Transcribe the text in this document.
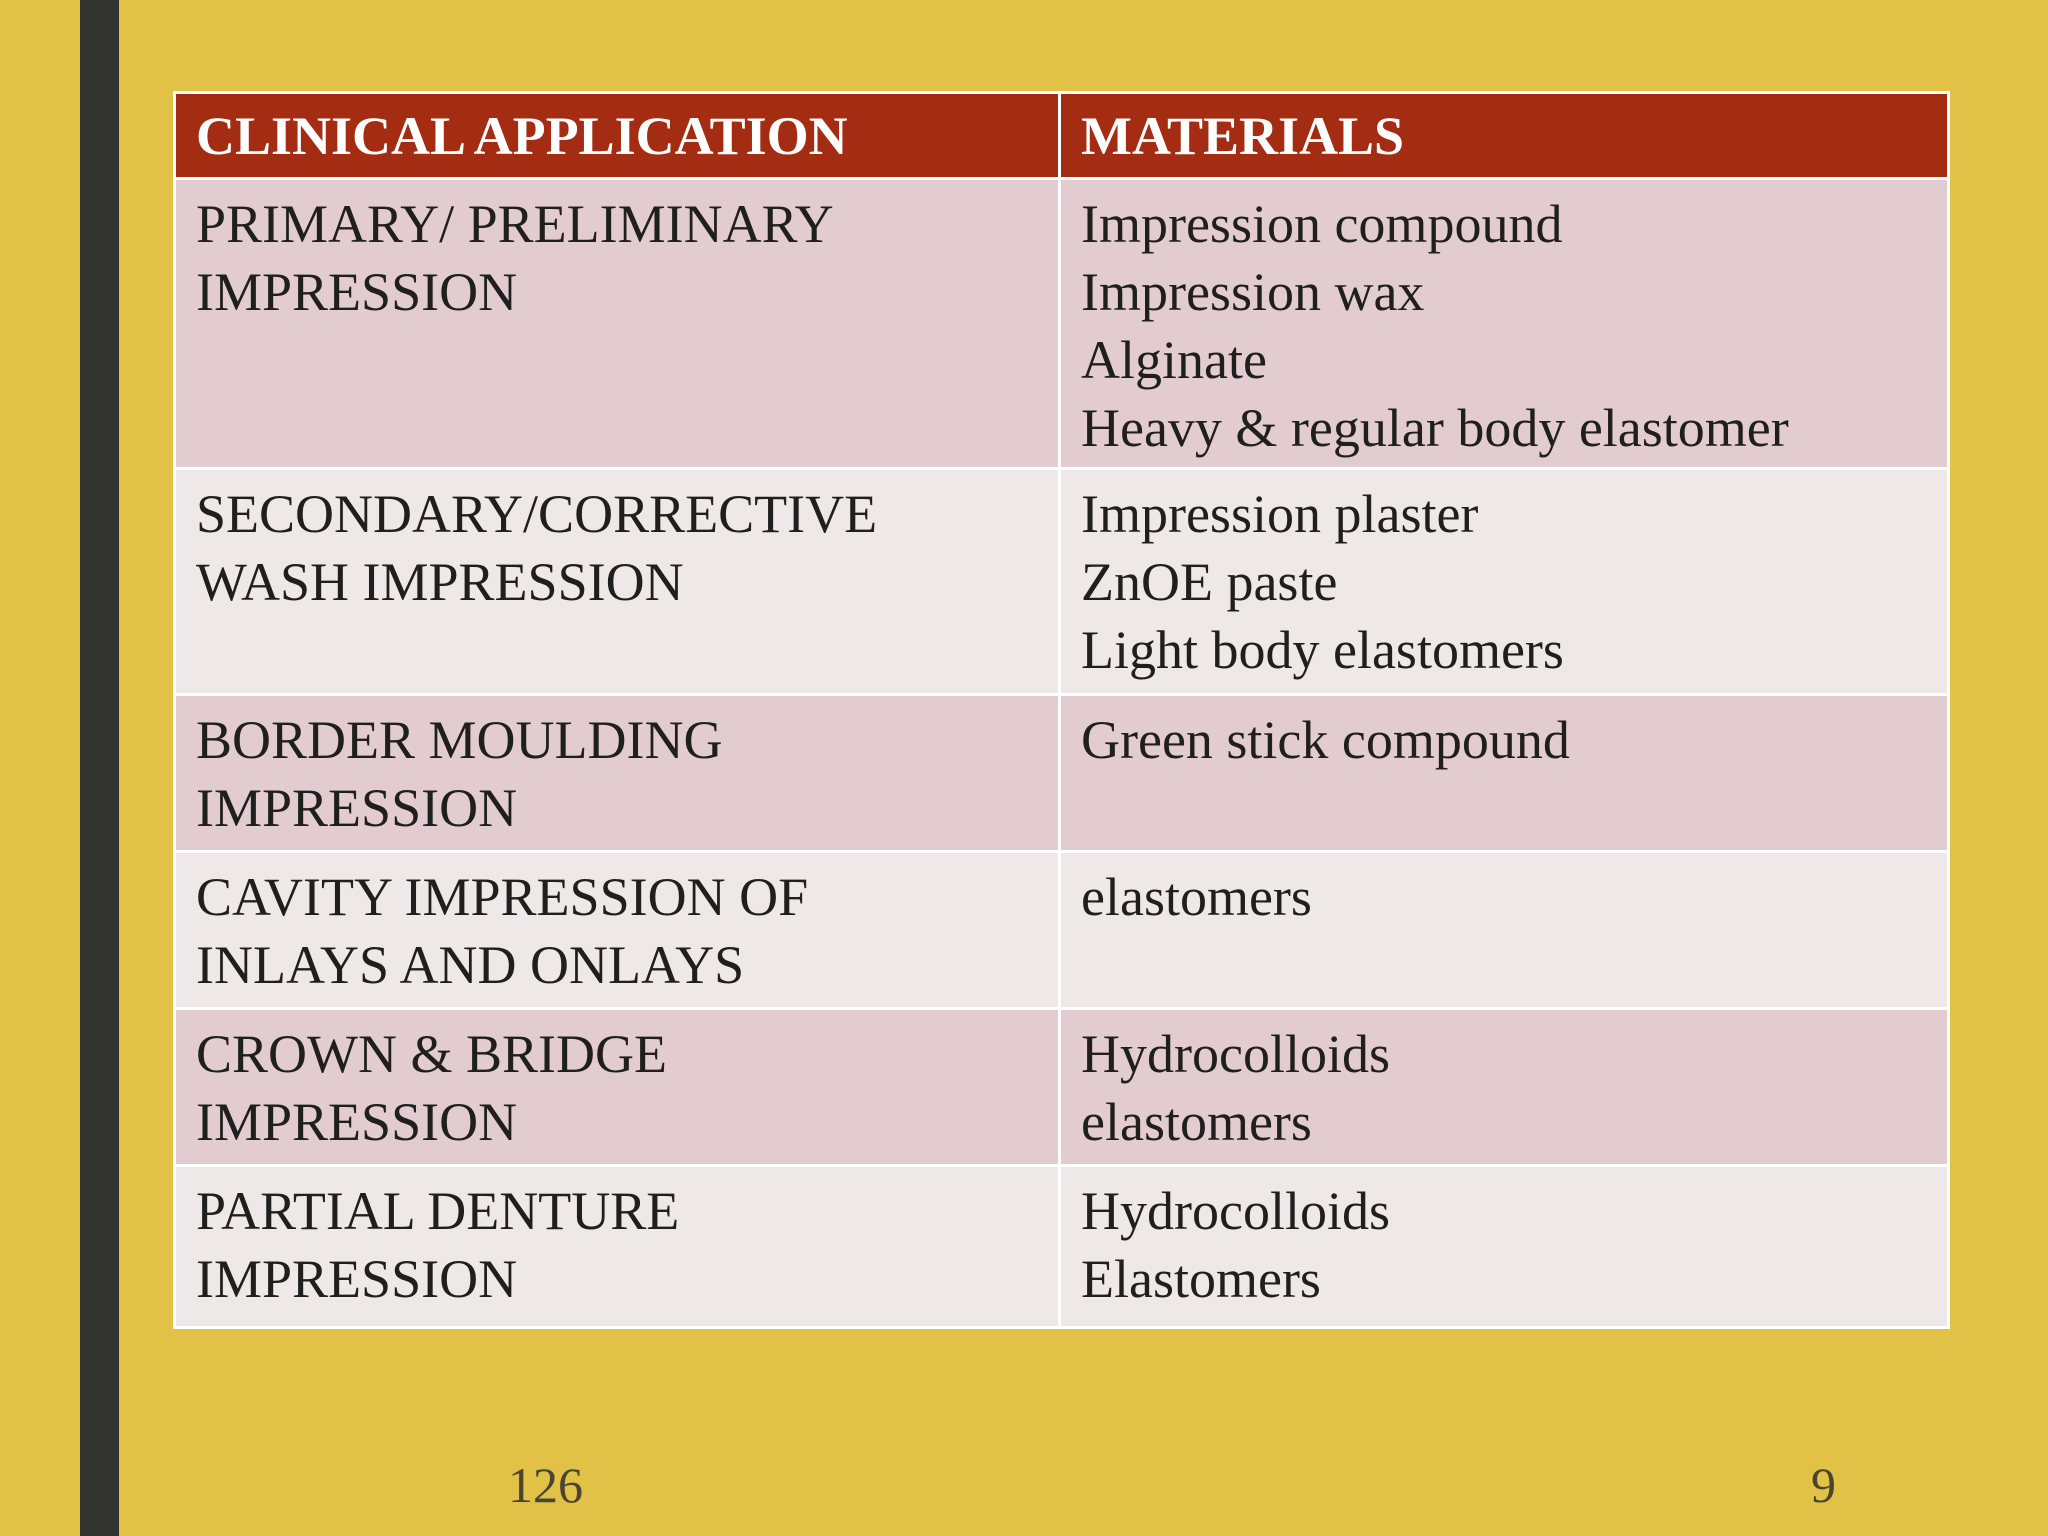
CLINICAL APPLICATION	MATERIALS
PRIMARY/ PRELIMINARY
IMPRESSION
Impression compound
Impression wax
Alginate
Heavy & regular body elastomer
SECONDARY/CORRECTIVE
WASH IMPRESSION
Impression plaster
ZnOE paste
Light body elastomers
BORDER MOULDING
IMPRESSION
Green stick compound
CAVITY IMPRESSION OF
INLAYS AND ONLAYS
elastomers
CROWN & BRIDGE
IMPRESSION
Hydrocolloids
elastomers
PARTIAL DENTURE
IMPRESSION
Hydrocolloids
Elastomers
126	9
